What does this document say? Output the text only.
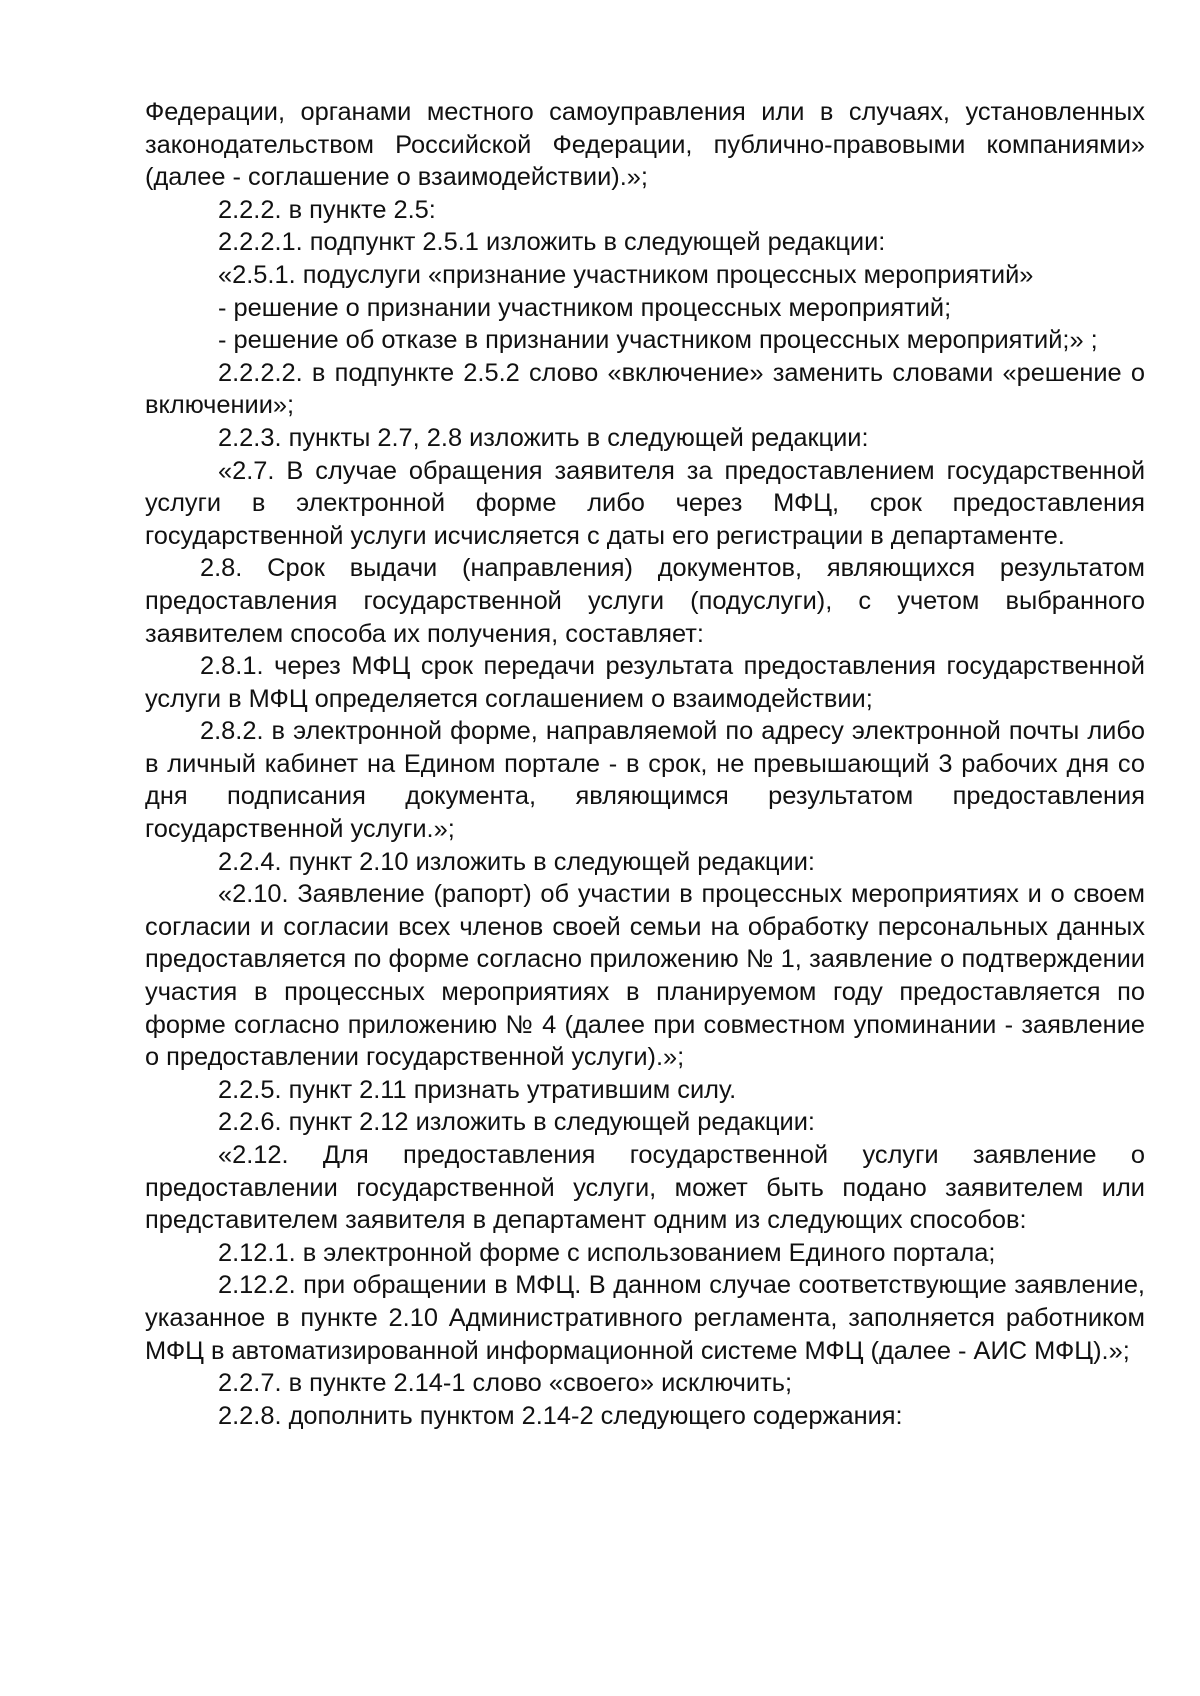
Федерации, органами местного самоуправления или в случаях, установленных законодательством Российской Федерации, публично-правовыми компаниями» (далее - соглашение о взаимодействии).»;

2.2.2. в пункте 2.5:

2.2.2.1. подпункт 2.5.1 изложить в следующей редакции:

«2.5.1. подуслуги «признание участником процессных мероприятий»

- решение о признании участником процессных мероприятий;

- решение об отказе в признании участником процессных мероприятий;» ;

2.2.2.2. в подпункте 2.5.2 слово «включение» заменить словами «решение о включении»;

2.2.3. пункты 2.7, 2.8 изложить в следующей редакции:

«2.7. В случае обращения заявителя за предоставлением государственной услуги в электронной форме либо через МФЦ, срок предоставления государственной услуги исчисляется с даты его регистрации в департаменте.

2.8. Срок выдачи (направления) документов, являющихся результатом предоставления государственной услуги (подуслуги), с учетом выбранного заявителем способа их получения, составляет:

2.8.1. через МФЦ срок передачи результата предоставления государственной услуги в МФЦ определяется соглашением о взаимодействии;

2.8.2. в электронной форме, направляемой по адресу электронной почты либо в личный кабинет на Едином портале - в срок, не превышающий 3 рабочих дня со дня подписания документа, являющимся результатом предоставления государственной услуги.»;

2.2.4. пункт 2.10 изложить в следующей редакции:

«2.10. Заявление (рапорт) об участии в процессных мероприятиях и о своем согласии и согласии всех членов своей семьи на обработку персональных данных предоставляется по форме согласно приложению № 1, заявление о подтверждении участия в процессных мероприятиях в планируемом году предоставляется по форме согласно приложению № 4 (далее при совместном упоминании - заявление о предоставлении государственной услуги).»;

2.2.5. пункт 2.11 признать утратившим силу.

2.2.6. пункт 2.12 изложить в следующей редакции:

«2.12. Для предоставления государственной услуги заявление о предоставлении государственной услуги, может быть подано заявителем или представителем заявителя в департамент одним из следующих способов:

2.12.1. в электронной форме с использованием Единого портала;

2.12.2. при обращении в МФЦ. В данном случае соответствующие заявление, указанное в пункте 2.10 Административного регламента, заполняется работником МФЦ в автоматизированной информационной системе МФЦ (далее - АИС МФЦ).»;

2.2.7. в пункте 2.14-1 слово «своего» исключить;

2.2.8. дополнить пунктом 2.14-2 следующего содержания:
